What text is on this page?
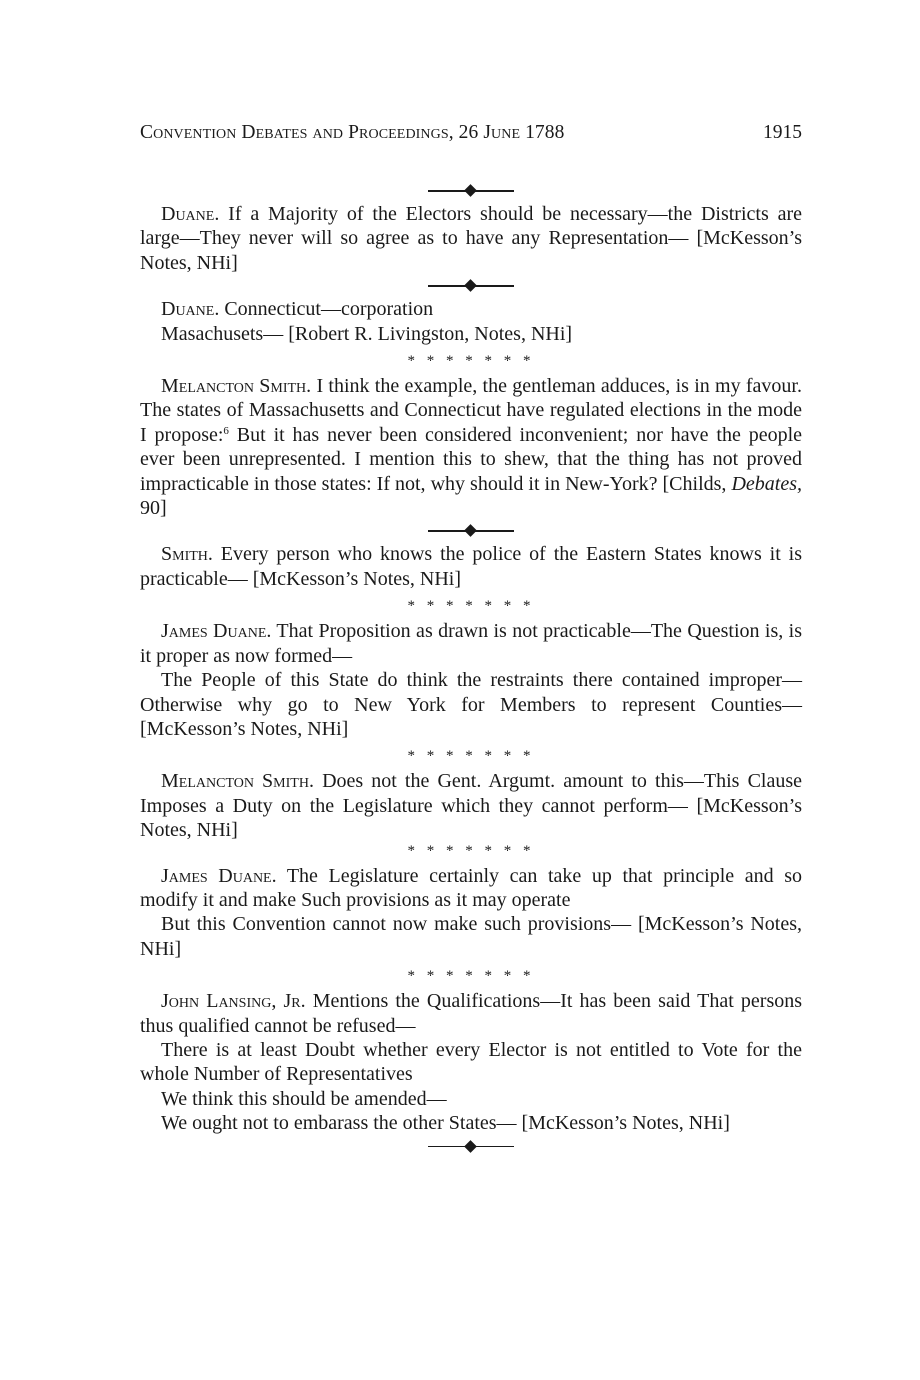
Convention Debates and Proceedings, 26 June 1788	1915

Duane. If a Majority of the Electors should be necessary—the Districts are large—They never will so agree as to have any Representation— [McKesson’s Notes, NHi]

Duane. Connecticut—corporation

Masachusets— [Robert R. Livingston, Notes, NHi]

* * * * * * *

Melancton Smith. I think the example, the gentleman adduces, is in my favour. The states of Massachusetts and Connecticut have regulated elections in the mode I propose:$^6$ But it has never been considered inconvenient; nor have the people ever been unrepresented. I mention this to shew, that the thing has not proved impracticable in those states: If not, why should it in New-York? [Childs, Debates, 90]

Smith. Every person who knows the police of the Eastern States knows it is practicable— [McKesson’s Notes, NHi]

* * * * * * *

James Duane. That Proposition as drawn is not practicable—The Question is, is it proper as now formed—

The People of this State do think the restraints there contained improper—Otherwise why go to New York for Members to represent Counties— [McKesson’s Notes, NHi]

* * * * * * *

Melancton Smith. Does not the Gent. Argumt. amount to this—This Clause Imposes a Duty on the Legislature which they cannot perform— [McKesson’s Notes, NHi]

* * * * * * *

James Duane. The Legislature certainly can take up that principle and so modify it and make Such provisions as it may operate

But this Convention cannot now make such provisions— [McKesson’s Notes, NHi]

* * * * * * *

John Lansing, Jr. Mentions the Qualifications—It has been said That persons thus qualified cannot be refused—

There is at least Doubt whether every Elector is not entitled to Vote for the whole Number of Representatives

We think this should be amended—

We ought not to embarass the other States— [McKesson’s Notes, NHi]
